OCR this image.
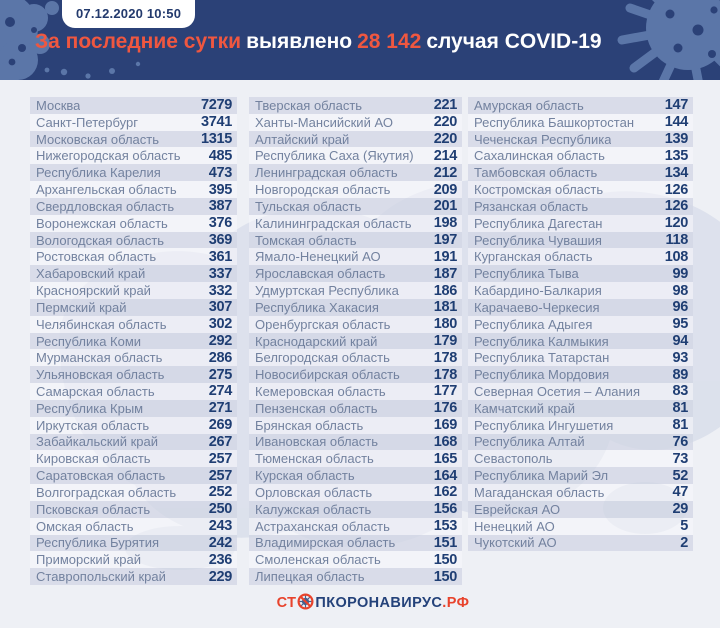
07.12.2020 10:50
За последние сутки выявлено 28 142 случая COVID-19
Москва	7279
Санкт-Петербург	3741
Московская область	1315
Нижегородская область 485
Республика Карелия	473
Архангельская область 395
Свердловская область 387
Воронежская область	376
Вологодская область	369
Ростовская область	361
Хабаровский край	337
Красноярский край	332
Пермский край	307
Челябинская область	302
Республика Коми	292
Мурманская область	286
Ульяновская область	275
Самарская область	274
Республика Крым	271
Иркутская область	269
Забайкальский край	267
Кировская область	257
Саратовская область	257
Волгоградская область 252
Псковская область	250
Омская область	243
Республика Бурятия	242
Приморский край	236
Ставропольский край	229
Тверская область	221
Ханты-Мансийский АО	220
Алтайский край	220
Республика Саха (Якутия) 214
Ленинградская область 212
Новгородская область	209
Тульская область	201
Калининградская область 198
Томская область	197
Ямало-Ненецкий АО	191
Ярославская область	187
Удмуртская Республика 186
Республика Хакасия	181
Оренбургская область	180
Краснодарский край	179
Белгородская область	178
Новосибирская область 178
Кемеровская область	177
Пензенская область	176
Брянская область	169
Ивановская область	168
Тюменская область	165
Курская область	164
Орловская область	162
Калужская область	156
Астраханская область	153
Владимирская область	151
Смоленская область	150
Липецкая область	150
Амурская область	147
Республика Башкортостан 144
Чеченская Республика	139
Сахалинская область	135
Тамбовская область	134
Костромская область	126
Рязанская область	126
Республика Дагестан	120
Республика Чувашия	118
Курганская область	108
Республика Тыва	99
Кабардино-Балкария	98
Карачаево-Черкесия	96
Республика Адыгея	95
Республика Калмыкия	94
Республика Татарстан	93
Республика Мордовия	89
Северная Осетия – Алания 83
Камчатский край	81
Республика Ингушетия	81
Республика Алтай	76
Севастополь	73
Республика Марий Эл	52
Магаданская область	47
Еврейская АО	29
Ненецкий АО	5
Чукотский АО	2
СТ ПКОРОНАВИРУС.РФ
